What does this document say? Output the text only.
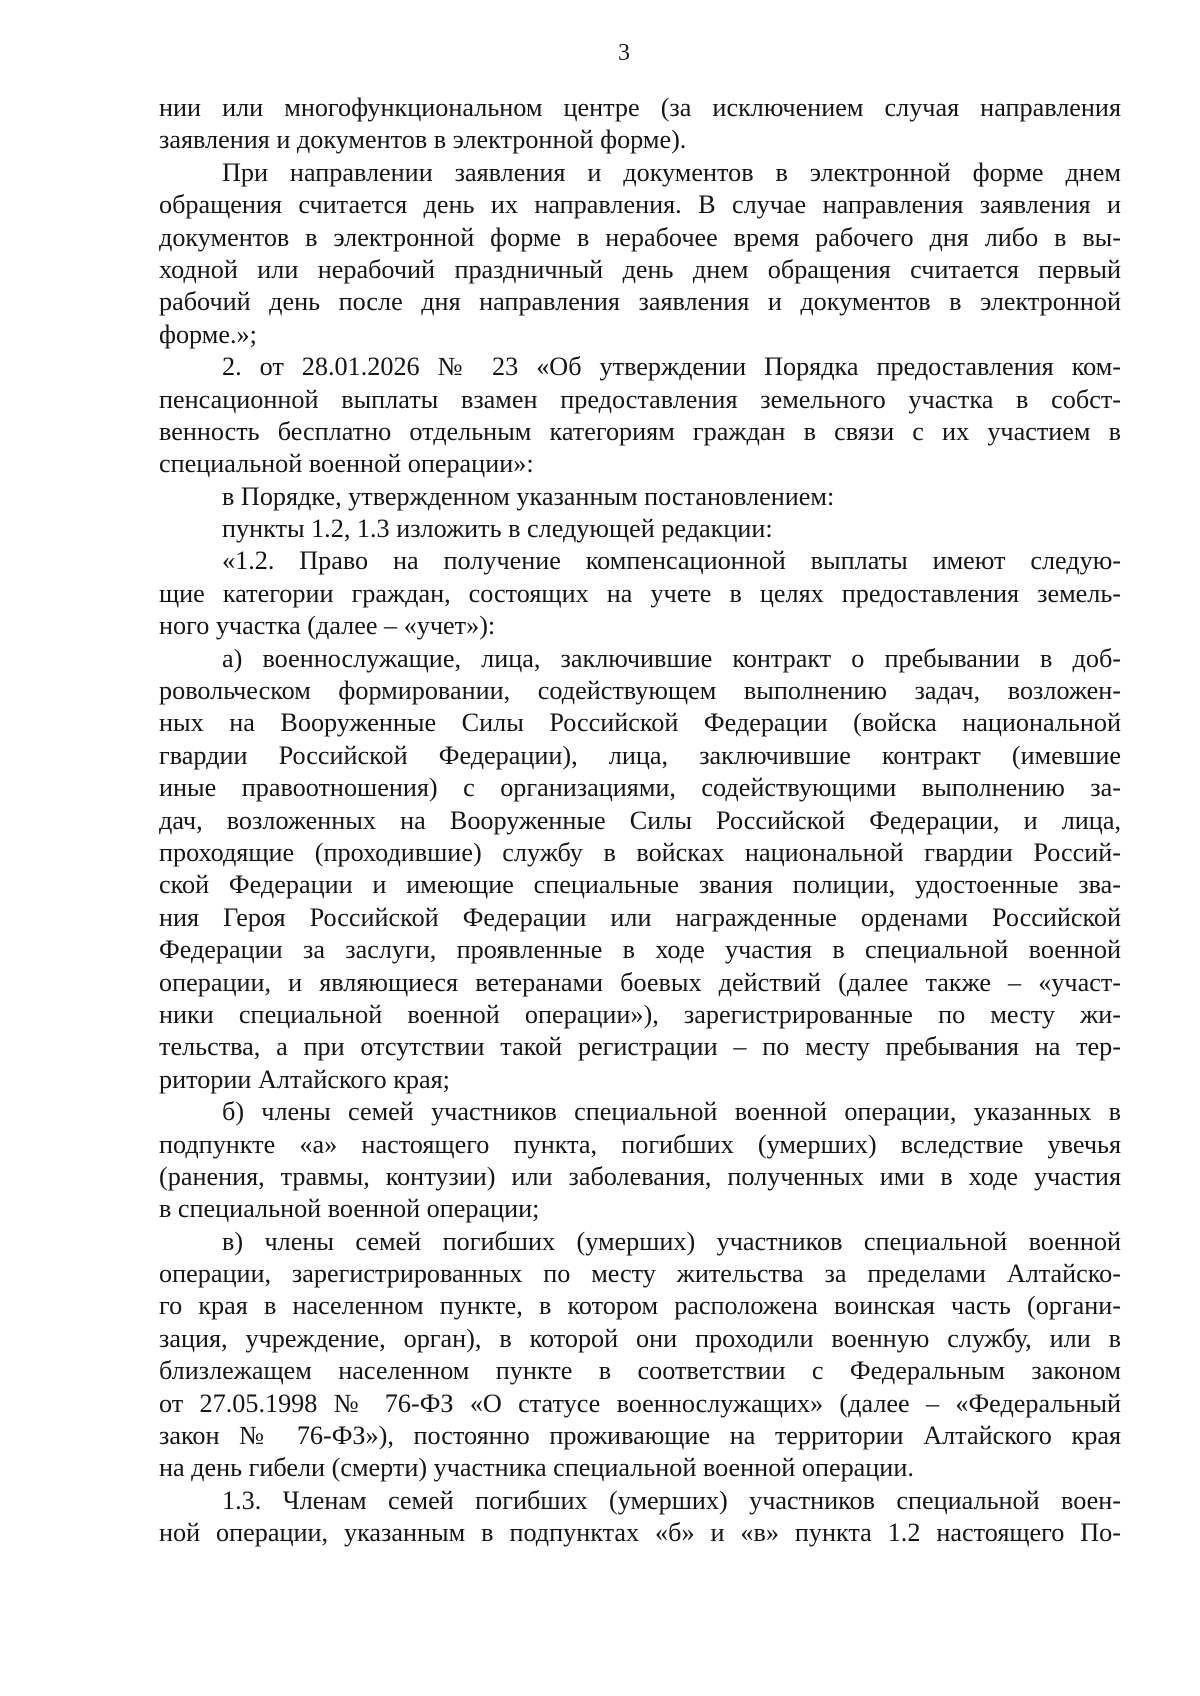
3
нии или многофункциональном центре (за исключением случая направления
заявления и документов в электронной форме).
При направлении заявления и документов в электронной форме днем
обращения считается день их направления. В случае направления заявления и
документов в электронной форме в нерабочее время рабочего дня либо в вы-
ходной или нерабочий праздничный день днем обращения считается первый
рабочий день после дня направления заявления и документов в электронной
форме.»;
2. от 28.01.2026 № 23 «Об утверждении Порядка предоставления ком-
пенсационной выплаты взамен предоставления земельного участка в собст-
венность бесплатно отдельным категориям граждан в связи с их участием в
специальной военной операции»:
в Порядке, утвержденном указанным постановлением:
пункты 1.2, 1.3 изложить в следующей редакции:
«1.2. Право на получение компенсационной выплаты имеют следую-
щие категории граждан, состоящих на учете в целях предоставления земель-
ного участка (далее – «учет»):
а) военнослужащие, лица, заключившие контракт о пребывании в доб-
ровольческом формировании, содействующем выполнению задач, возложен-
ных на Вооруженные Силы Российской Федерации (войска национальной
гвардии Российской Федерации), лица, заключившие контракт (имевшие
иные правоотношения) с организациями, содействующими выполнению за-
дач, возложенных на Вооруженные Силы Российской Федерации, и лица,
проходящие (проходившие) службу в войсках национальной гвардии Россий-
ской Федерации и имеющие специальные звания полиции, удостоенные зва-
ния Героя Российской Федерации или награжденные орденами Российской
Федерации за заслуги, проявленные в ходе участия в специальной военной
операции, и являющиеся ветеранами боевых действий (далее также – «участ-
ники специальной военной операции»), зарегистрированные по месту жи-
тельства, а при отсутствии такой регистрации – по месту пребывания на тер-
ритории Алтайского края;
б) члены семей участников специальной военной операции, указанных в
подпункте «а» настоящего пункта, погибших (умерших) вследствие увечья
(ранения, травмы, контузии) или заболевания, полученных ими в ходе участия
в специальной военной операции;
в) члены семей погибших (умерших) участников специальной военной
операции, зарегистрированных по месту жительства за пределами Алтайско-
го края в населенном пункте, в котором расположена воинская часть (органи-
зация, учреждение, орган), в которой они проходили военную службу, или в
близлежащем населенном пункте в соответствии с Федеральным законом
от 27.05.1998 № 76-ФЗ «О статусе военнослужащих» (далее – «Федеральный
закон № 76-ФЗ»), постоянно проживающие на территории Алтайского края
на день гибели (смерти) участника специальной военной операции.
1.3. Членам семей погибших (умерших) участников специальной воен-
ной операции, указанным в подпунктах «б» и «в» пункта 1.2 настоящего По-
